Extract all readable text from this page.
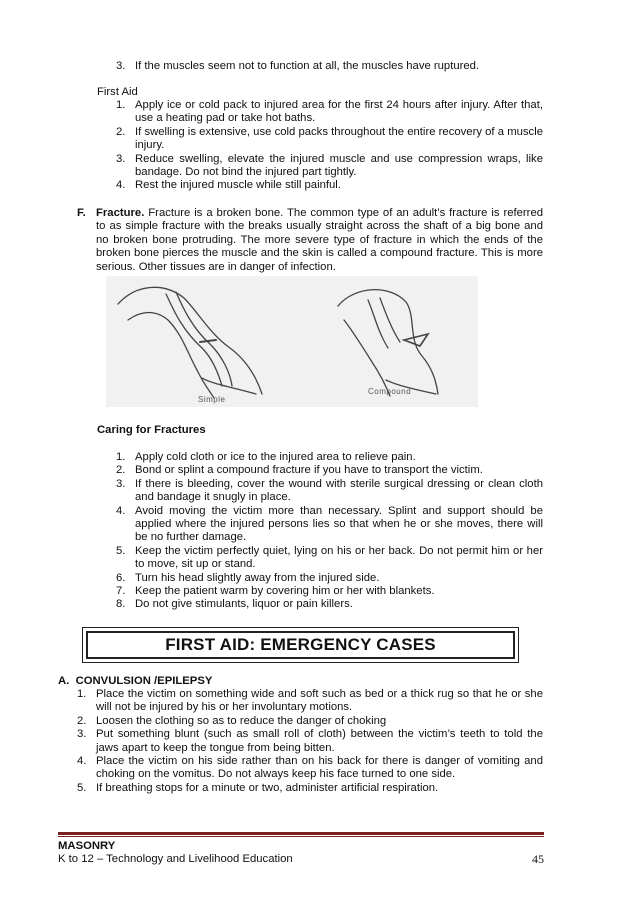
3. If the muscles seem not to function at all, the muscles have ruptured.
First Aid
1. Apply ice or cold pack to injured area for the first 24 hours after injury. After that, use a heating pad or take hot baths.
2. If swelling is extensive, use cold packs throughout the entire recovery of a muscle injury.
3. Reduce swelling, elevate the injured muscle and use compression wraps, like bandage. Do not bind the injured part tightly.
4. Rest the injured muscle while still painful.
F. Fracture. Fracture is a broken bone. The common type of an adult’s fracture is referred to as simple fracture with the breaks usually straight across the shaft of a big bone and no broken bone protruding. The more severe type of fracture in which the ends of the broken bone pierces the muscle and the skin is called a compound fracture. This is more serious. Other tissues are in danger of infection.
Simple
Compound
Caring for Fractures
1. Apply cold cloth or ice to the injured area to relieve pain.
2. Bond or splint a compound fracture if you have to transport the victim.
3. If there is bleeding, cover the wound with sterile surgical dressing or clean cloth and bandage it snugly in place.
4. Avoid moving the victim more than necessary. Splint and support should be applied where the injured persons lies so that when he or she moves, there will be no further damage.
5. Keep the victim perfectly quiet, lying on his or her back. Do not permit him or her to move, sit up or stand.
6. Turn his head slightly away from the injured side.
7. Keep the patient warm by covering him or her with blankets.
8. Do not give stimulants, liquor or pain killers.
FIRST AID: EMERGENCY CASES
A.  CONVULSION /EPILEPSY
1. Place the victim on something wide and soft such as bed or a thick rug so that he or she will not be injured by his or her involuntary motions.
2. Loosen the clothing so as to reduce the danger of choking
3. Put something blunt (such as small roll of cloth) between the victim’s teeth to told the jaws apart to keep the tongue from being bitten.
4. Place the victim on his side rather than on his back for there is danger of vomiting and choking on the vomitus. Do not always keep his face turned to one side.
5. If breathing stops for a minute or two, administer artificial respiration.
MASONRY
K to 12 – Technology and Livelihood Education	45
